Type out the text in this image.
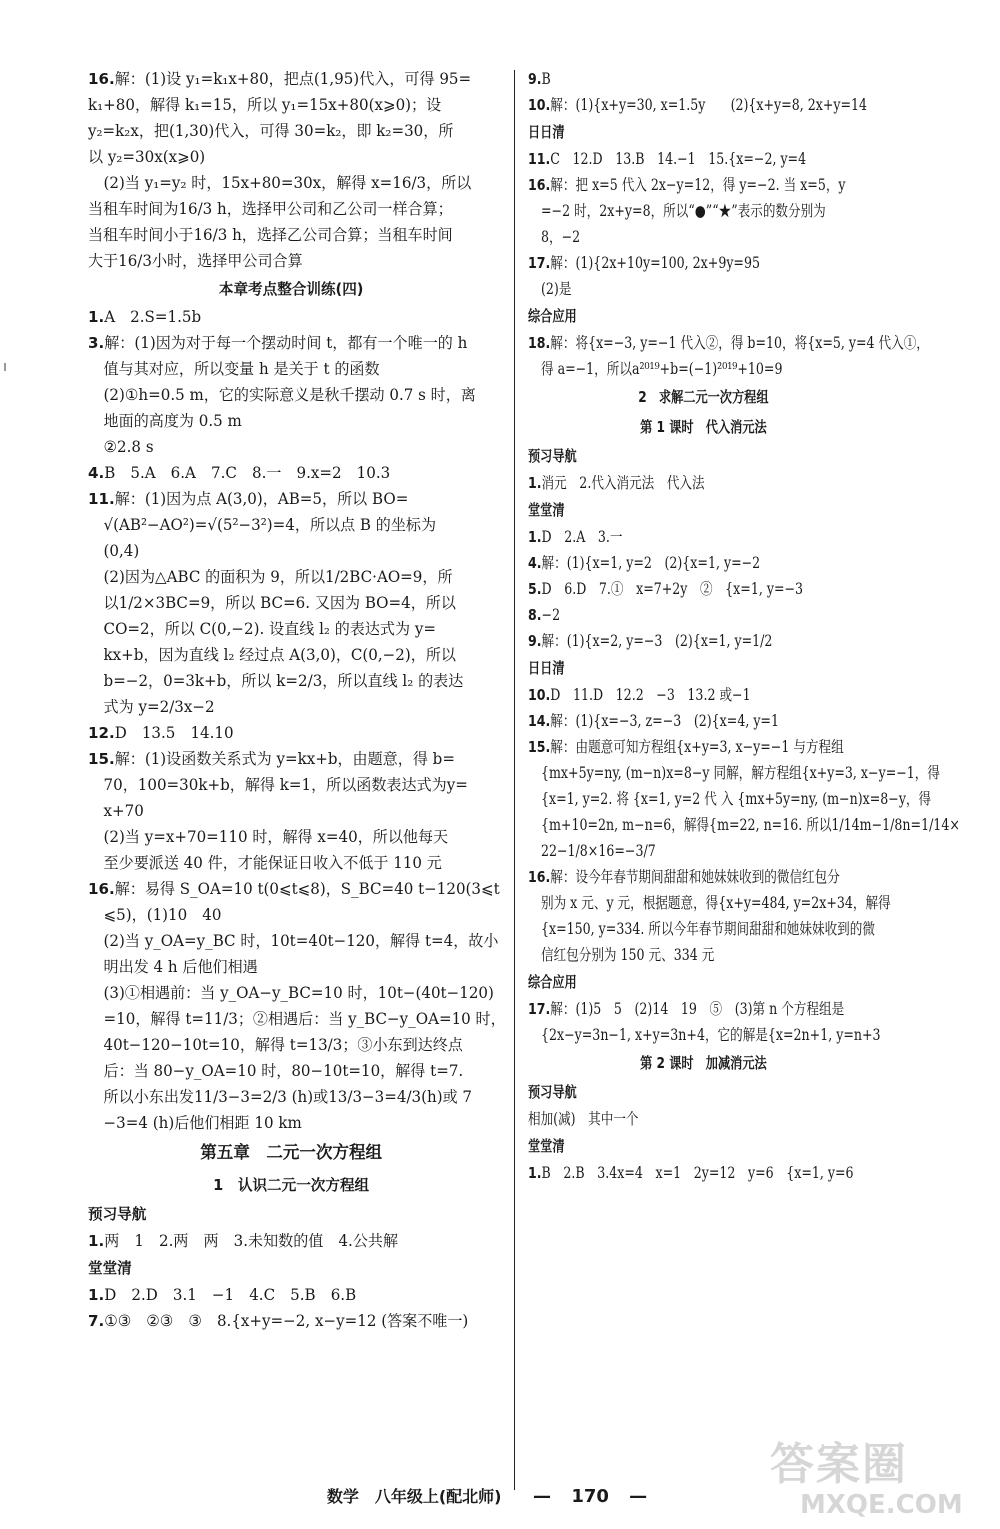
16.解：(1)设 y₁=k₁x+80，把点(1,95)代入，可得 95=
k₁+80，解得 k₁=15，所以 y₁=15x+80(x⩾0)；设
y₂=k₂x，把(1,30)代入，可得 30=k₂，即 k₂=30，所
以 y₂=30x(x⩾0)
(2)当 y₁=y₂ 时，15x+80=30x，解得 x=16/3，所以
当租车时间为16/3 h，选择甲公司和乙公司一样合算；
当租车时间小于16/3 h，选择乙公司合算；当租车时间
大于16/3小时，选择甲公司合算
本章考点整合训练(四)
1.A　2.S=1.5b
3.解：(1)因为对于每一个摆动时间 t，都有一个唯一的 h
值与其对应，所以变量 h 是关于 t 的函数
(2)①h=0.5 m，它的实际意义是秋千摆动 0.7 s 时，离
地面的高度为 0.5 m
②2.8 s
4.B　5.A　6.A　7.C　8.一　9.x=2　10.3
11.解：(1)因为点 A(3,0)，AB=5，所以 BO=
√(AB²−AO²)=√(5²−3²)=4，所以点 B 的坐标为
(0,4)
(2)因为△ABC 的面积为 9，所以1/2BC·AO=9，所
以1/2×3BC=9，所以 BC=6. 又因为 BO=4，所以
CO=2，所以 C(0,−2). 设直线 l₂ 的表达式为 y=
kx+b，因为直线 l₂ 经过点 A(3,0)，C(0,−2)，所以
b=−2，0=3k+b，所以 k=2/3，所以直线 l₂ 的表达
式为 y=2/3x−2
12.D　13.5　14.10
15.解：(1)设函数关系式为 y=kx+b，由题意，得 b=
70，100=30k+b，解得 k=1，所以函数表达式为y=
x+70
(2)当 y=x+70=110 时，解得 x=40，所以他每天
至少要派送 40 件，才能保证日收入不低于 110 元
16.解：易得 S_OA=10 t(0⩽t⩽8)，S_BC=40 t−120(3⩽t
⩽5)，(1)10　40
(2)当 y_OA=y_BC 时，10t=40t−120，解得 t=4，故小
明出发 4 h 后他们相遇
(3)①相遇前：当 y_OA−y_BC=10 时，10t−(40t−120)
=10，解得 t=11/3；②相遇后：当 y_BC−y_OA=10 时，
40t−120−10t=10，解得 t=13/3；③小东到达终点
后：当 80−y_OA=10 时，80−10t=10，解得 t=7.
所以小东出发11/3−3=2/3 (h)或13/3−3=4/3(h)或 7
−3=4 (h)后他们相距 10 km
第五章　二元一次方程组
1　认识二元一次方程组
预习导航
1.两　1　2.两　两　3.未知数的值　4.公共解
堂堂清
1.D　2.D　3.1　−1　4.C　5.B　6.B
7.①③　②③　③　8.{x+y=−2, x−y=12 (答案不唯一)
9.B
10.解：(1){x+y=30, x=1.5y　　(2){x+y=8, 2x+y=14
日日清
11.C　12.D　13.B　14.−1　15.{x=−2, y=4
16.解：把 x=5 代入 2x−y=12，得 y=−2. 当 x=5，y
=−2 时，2x+y=8，所以“●”“★”表示的数分别为
8，−2
17.解：(1){2x+10y=100, 2x+9y=95
(2)是
综合应用
18.解：将{x=−3, y=−1 代入②，得 b=10，将{x=5, y=4 代入①，
得 a=−1，所以a²⁰¹⁹+b=(−1)²⁰¹⁹+10=9
2　求解二元一次方程组
第 1 课时　代入消元法
预习导航
1.消元　2.代入消元法　代入法
堂堂清
1.D　2.A　3.一
4.解：(1){x=1, y=2　(2){x=1, y=−2
5.D　6.D　7.①　x=7+2y　②　{x=1, y=−3
8.−2
9.解：(1){x=2, y=−3　(2){x=1, y=1/2
日日清
10.D　11.D　12.2　−3　13.2 或−1
14.解：(1){x=−3, z=−3　(2){x=4, y=1
15.解：由题意可知方程组{x+y=3, x−y=−1 与方程组
{mx+5y=ny, (m−n)x=8−y 同解，解方程组{x+y=3, x−y=−1，得
{x=1, y=2. 将 {x=1, y=2 代 入 {mx+5y=ny, (m−n)x=8−y，得
{m+10=2n, m−n=6，解得{m=22, n=16. 所以1/14m−1/8n=1/14×
22−1/8×16=−3/7
16.解：设今年春节期间甜甜和她妹妹收到的微信红包分
别为 x 元、y 元，根据题意，得{x+y=484, y=2x+34，解得
{x=150, y=334. 所以今年春节期间甜甜和她妹妹收到的微
信红包分别为 150 元、334 元
综合应用
17.解：(1)5　5　(2)14　19　⑤　(3)第 n 个方程组是
{2x−y=3n−1, x+y=3n+4，它的解是{x=2n+1, y=n+3
第 2 课时　加减消元法
预习导航
相加(减)　其中一个
堂堂清
1.B　2.B　3.4x=4　x=1　2y=12　y=6　{x=1, y=6
数学　八年级上(配北师) — 170 —
答案圈
MXQE.COM
